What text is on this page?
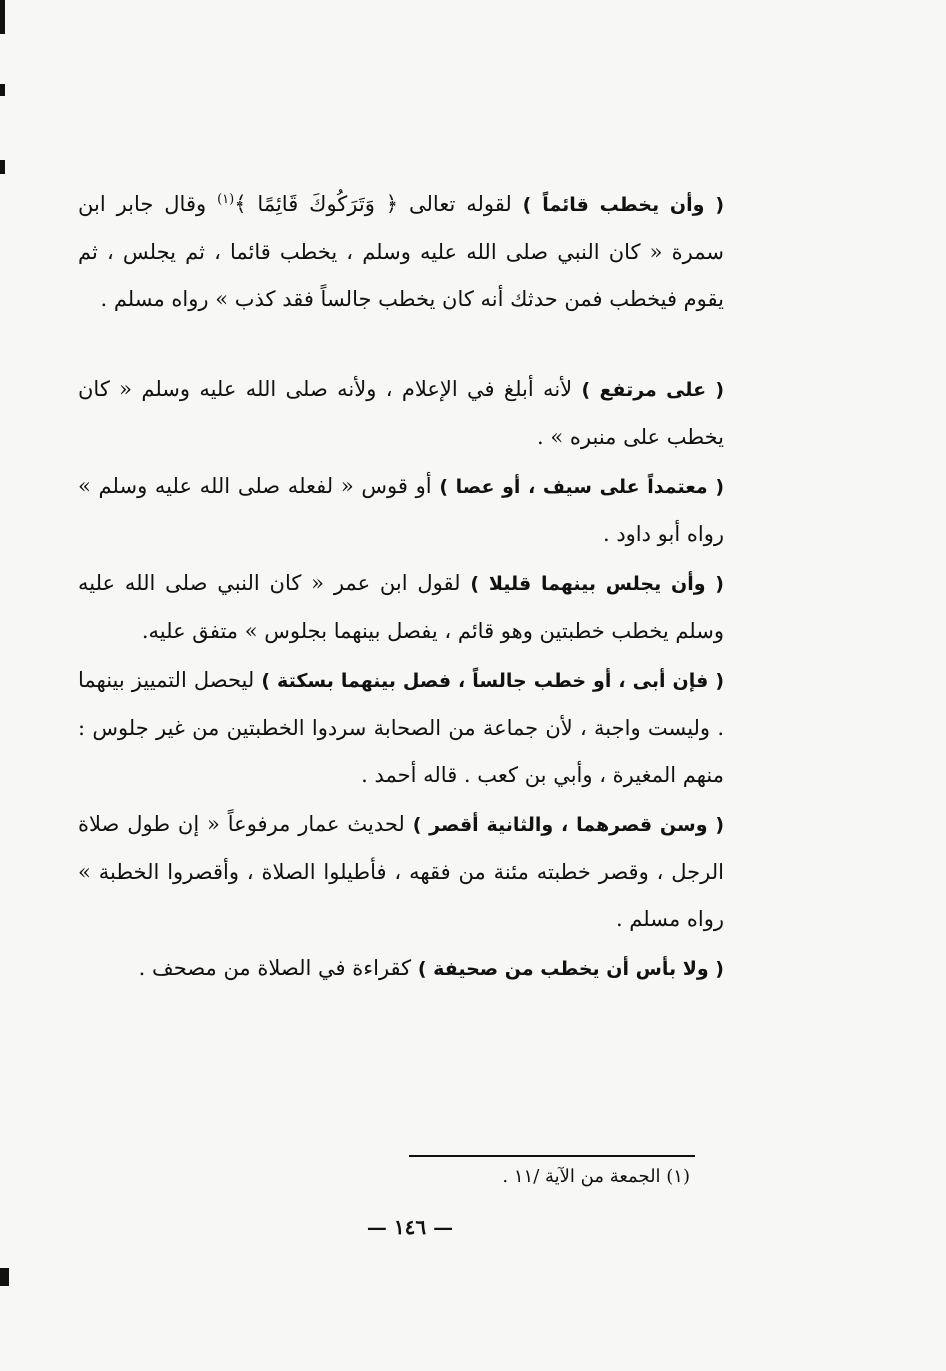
( وأن يخطب قائماً ) لقوله تعالى ﴿ وَتَرَكُوكَ قَائِمًا ﴾$^{(١)}$ وقال جابر ابن سمرة « كان النبي صلى الله عليه وسلم ، يخطب قائما ، ثم يجلس ، ثم يقوم فيخطب فمن حدثك أنه كان يخطب جالساً فقد كذب » رواه مسلم .

( على مرتفع ) لأنه أبلغ في الإعلام ، ولأنه صلى الله عليه وسلم « كان يخطب على منبره » .

( معتمداً على سيف ، أو عصا ) أو قوس « لفعله صلى الله عليه وسلم » رواه أبو داود .

( وأن يجلس بينهما قليلا ) لقول ابن عمر « كان النبي صلى الله عليه وسلم يخطب خطبتين وهو قائم ، يفصل بينهما بجلوس » متفق عليه.

( فإن أبى ، أو خطب جالساً ، فصل بينهما بسكتة ) ليحصل التمييز بينهما . وليست واجبة ، لأن جماعة من الصحابة سردوا الخطبتين من غير جلوس : منهم المغيرة ، وأبي بن كعب . قاله أحمد .

( وسن قصرهما ، والثانية أقصر ) لحديث عمار مرفوعاً « إن طول صلاة الرجل ، وقصر خطبته مئنة من فقهه ، فأطيلوا الصلاة ، وأقصروا الخطبة » رواه مسلم .

( ولا بأس أن يخطب من صحيفة ) كقراءة في الصلاة من مصحف .

(١) الجمعة من الآية /١١ .
— ١٤٦ —
